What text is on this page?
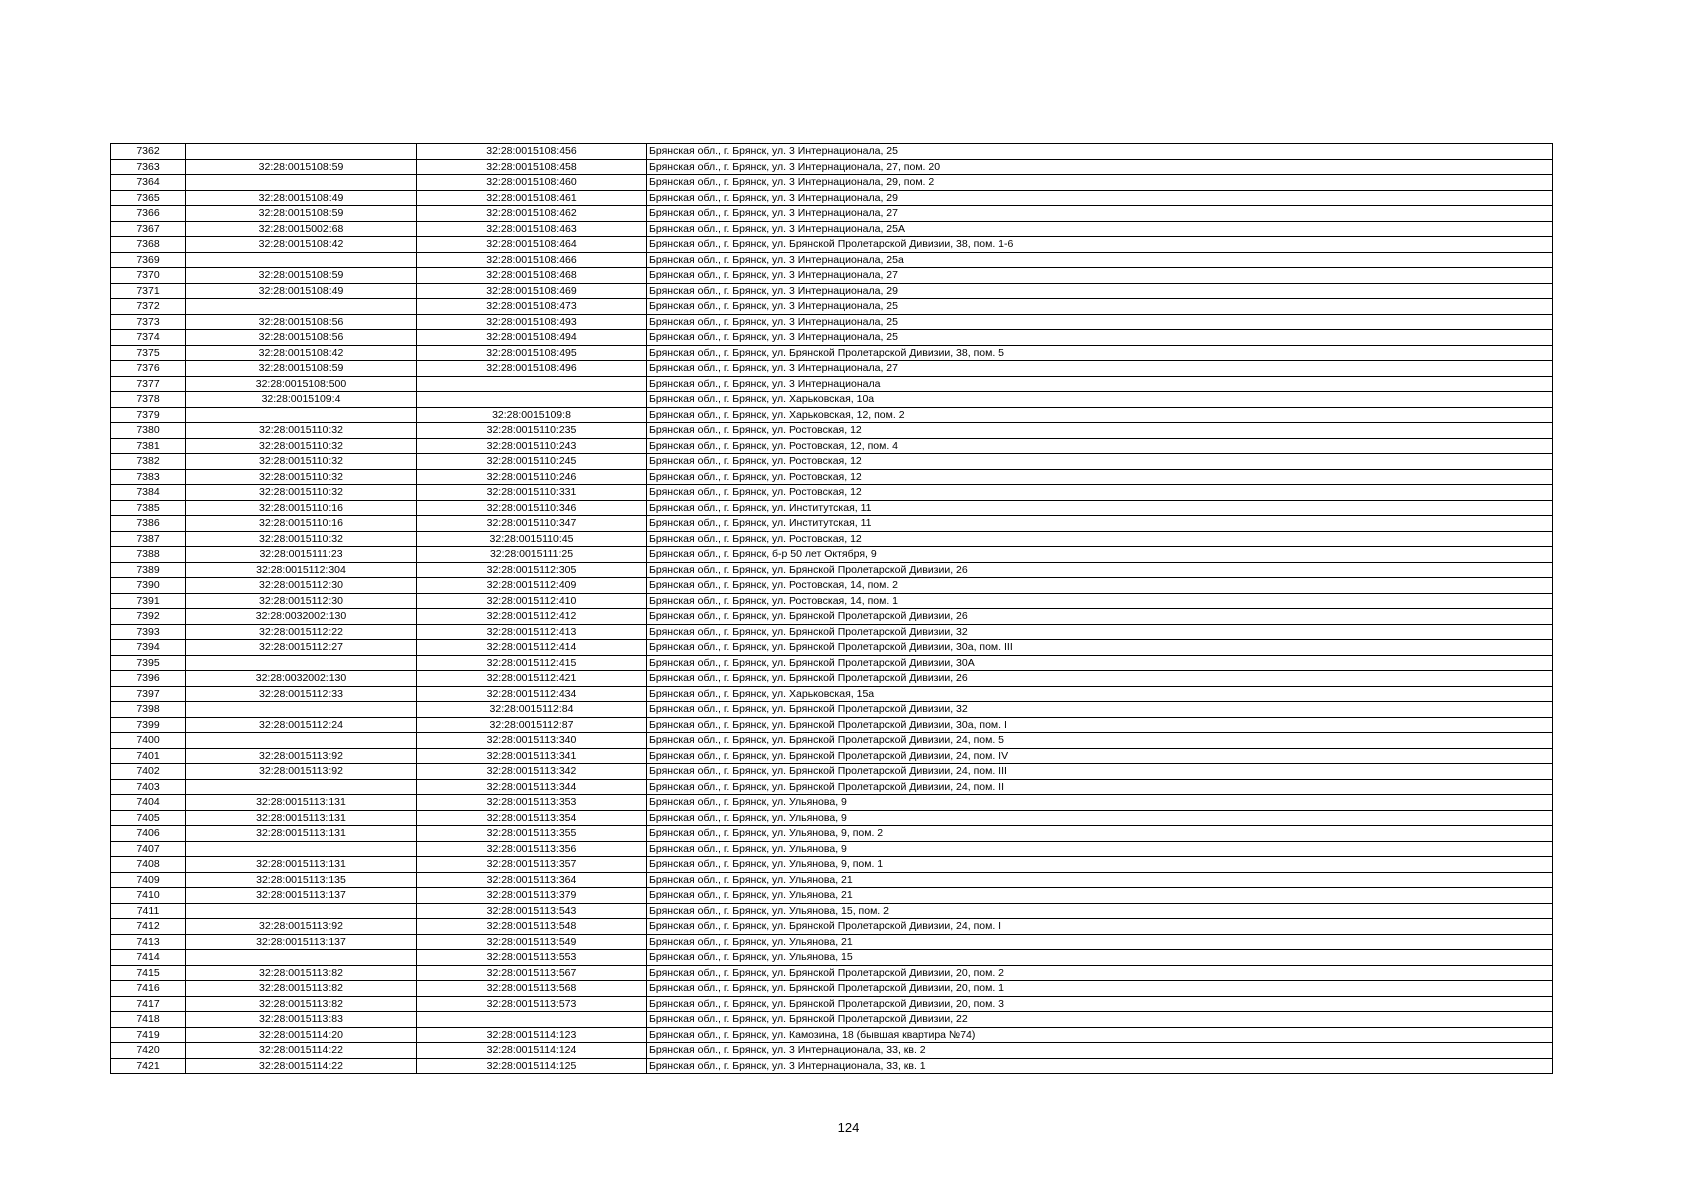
7362		32:28:0015108:456	Брянская обл., г. Брянск, ул. 3 Интернационала, 25
7363	32:28:0015108:59	32:28:0015108:458	Брянская обл., г. Брянск, ул. 3 Интернационала, 27, пом. 20
7364		32:28:0015108:460	Брянская обл., г. Брянск, ул. 3 Интернационала, 29, пом. 2
7365	32:28:0015108:49	32:28:0015108:461	Брянская обл., г. Брянск, ул. 3 Интернационала, 29
7366	32:28:0015108:59	32:28:0015108:462	Брянская обл., г. Брянск, ул. 3 Интернационала, 27
7367	32:28:0015002:68	32:28:0015108:463	Брянская обл., г. Брянск, ул. 3 Интернационала, 25А
7368	32:28:0015108:42	32:28:0015108:464	Брянская обл., г. Брянск, ул. Брянской Пролетарской Дивизии, 38, пом. 1-6
7369		32:28:0015108:466	Брянская обл., г. Брянск, ул. 3 Интернационала, 25а
7370	32:28:0015108:59	32:28:0015108:468	Брянская обл., г. Брянск, ул. 3 Интернационала, 27
7371	32:28:0015108:49	32:28:0015108:469	Брянская обл., г. Брянск, ул. 3 Интернационала, 29
7372		32:28:0015108:473	Брянская обл., г. Брянск, ул. 3 Интернационала, 25
7373	32:28:0015108:56	32:28:0015108:493	Брянская обл., г. Брянск, ул. 3 Интернационала, 25
7374	32:28:0015108:56	32:28:0015108:494	Брянская обл., г. Брянск, ул. 3 Интернационала, 25
7375	32:28:0015108:42	32:28:0015108:495	Брянская обл., г. Брянск, ул. Брянской Пролетарской Дивизии, 38, пом. 5
7376	32:28:0015108:59	32:28:0015108:496	Брянская обл., г. Брянск, ул. 3 Интернационала, 27
7377	32:28:0015108:500		Брянская обл., г. Брянск, ул. 3 Интернационала
7378	32:28:0015109:4		Брянская обл., г. Брянск, ул. Харьковская, 10а
7379		32:28:0015109:8	Брянская обл., г. Брянск, ул. Харьковская, 12, пом. 2
7380	32:28:0015110:32	32:28:0015110:235	Брянская обл., г. Брянск, ул. Ростовская, 12
7381	32:28:0015110:32	32:28:0015110:243	Брянская обл., г. Брянск, ул. Ростовская, 12, пом. 4
7382	32:28:0015110:32	32:28:0015110:245	Брянская обл., г. Брянск, ул. Ростовская, 12
7383	32:28:0015110:32	32:28:0015110:246	Брянская обл., г. Брянск, ул. Ростовская, 12
7384	32:28:0015110:32	32:28:0015110:331	Брянская обл., г. Брянск, ул. Ростовская, 12
7385	32:28:0015110:16	32:28:0015110:346	Брянская обл., г. Брянск, ул. Институтская, 11
7386	32:28:0015110:16	32:28:0015110:347	Брянская обл., г. Брянск, ул. Институтская, 11
7387	32:28:0015110:32	32:28:0015110:45	Брянская обл., г. Брянск, ул. Ростовская, 12
7388	32:28:0015111:23	32:28:0015111:25	Брянская обл., г. Брянск, б-р 50 лет Октября, 9
7389	32:28:0015112:304	32:28:0015112:305	Брянская обл., г. Брянск, ул. Брянской Пролетарской Дивизии, 26
7390	32:28:0015112:30	32:28:0015112:409	Брянская обл., г. Брянск, ул. Ростовская, 14, пом. 2
7391	32:28:0015112:30	32:28:0015112:410	Брянская обл., г. Брянск, ул. Ростовская, 14, пом. 1
7392	32:28:0032002:130	32:28:0015112:412	Брянская обл., г. Брянск, ул. Брянской Пролетарской Дивизии, 26
7393	32:28:0015112:22	32:28:0015112:413	Брянская обл., г. Брянск, ул. Брянской Пролетарской Дивизии, 32
7394	32:28:0015112:27	32:28:0015112:414	Брянская обл., г. Брянск, ул. Брянской Пролетарской Дивизии, 30а, пом. III
7395		32:28:0015112:415	Брянская обл., г. Брянск, ул. Брянской Пролетарской Дивизии, 30А
7396	32:28:0032002:130	32:28:0015112:421	Брянская обл., г. Брянск, ул. Брянской Пролетарской Дивизии, 26
7397	32:28:0015112:33	32:28:0015112:434	Брянская обл., г. Брянск, ул. Харьковская, 15а
7398		32:28:0015112:84	Брянская обл., г. Брянск, ул. Брянской Пролетарской Дивизии, 32
7399	32:28:0015112:24	32:28:0015112:87	Брянская обл., г. Брянск, ул. Брянской Пролетарской Дивизии, 30а, пом. I
7400		32:28:0015113:340	Брянская обл., г. Брянск, ул. Брянской Пролетарской Дивизии, 24, пом. 5
7401	32:28:0015113:92	32:28:0015113:341	Брянская обл., г. Брянск, ул. Брянской Пролетарской Дивизии, 24, пом. IV
7402	32:28:0015113:92	32:28:0015113:342	Брянская обл., г. Брянск, ул. Брянской Пролетарской Дивизии, 24, пом. III
7403		32:28:0015113:344	Брянская обл., г. Брянск, ул. Брянской Пролетарской Дивизии, 24, пом. II
7404	32:28:0015113:131	32:28:0015113:353	Брянская обл., г. Брянск, ул. Ульянова, 9
7405	32:28:0015113:131	32:28:0015113:354	Брянская обл., г. Брянск, ул. Ульянова, 9
7406	32:28:0015113:131	32:28:0015113:355	Брянская обл., г. Брянск, ул. Ульянова, 9, пом. 2
7407		32:28:0015113:356	Брянская обл., г. Брянск, ул. Ульянова, 9
7408	32:28:0015113:131	32:28:0015113:357	Брянская обл., г. Брянск, ул. Ульянова, 9, пом. 1
7409	32:28:0015113:135	32:28:0015113:364	Брянская обл., г. Брянск, ул. Ульянова, 21
7410	32:28:0015113:137	32:28:0015113:379	Брянская обл., г. Брянск, ул. Ульянова, 21
7411		32:28:0015113:543	Брянская обл., г. Брянск, ул. Ульянова, 15, пом. 2
7412	32:28:0015113:92	32:28:0015113:548	Брянская обл., г. Брянск, ул. Брянской Пролетарской Дивизии, 24, пом. I
7413	32:28:0015113:137	32:28:0015113:549	Брянская обл., г. Брянск, ул. Ульянова, 21
7414		32:28:0015113:553	Брянская обл., г. Брянск, ул. Ульянова, 15
7415	32:28:0015113:82	32:28:0015113:567	Брянская обл., г. Брянск, ул. Брянской Пролетарской Дивизии, 20, пом. 2
7416	32:28:0015113:82	32:28:0015113:568	Брянская обл., г. Брянск, ул. Брянской Пролетарской Дивизии, 20, пом. 1
7417	32:28:0015113:82	32:28:0015113:573	Брянская обл., г. Брянск, ул. Брянской Пролетарской Дивизии, 20, пом. 3
7418	32:28:0015113:83		Брянская обл., г. Брянск, ул. Брянской Пролетарской Дивизии, 22
7419	32:28:0015114:20	32:28:0015114:123	Брянская обл., г. Брянск, ул. Камозина, 18 (бывшая квартира №74)
7420	32:28:0015114:22	32:28:0015114:124	Брянская обл., г. Брянск, ул. 3 Интернационала, 33, кв. 2
7421	32:28:0015114:22	32:28:0015114:125	Брянская обл., г. Брянск, ул. 3 Интернационала, 33, кв. 1
124
